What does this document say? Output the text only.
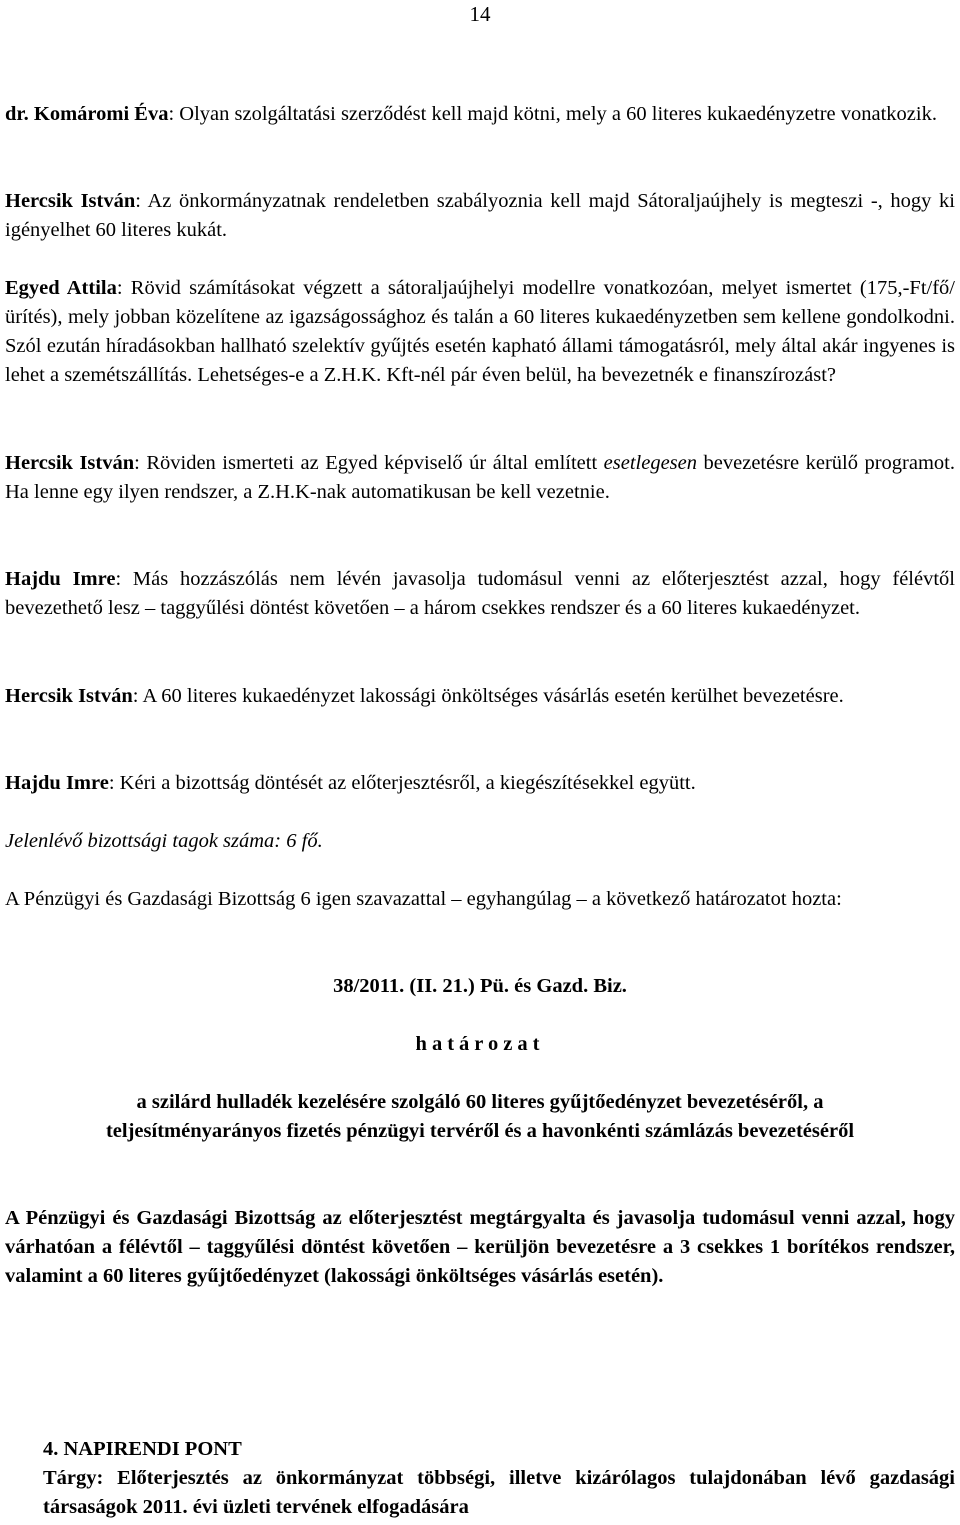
14
dr. Komáromi Éva: Olyan szolgáltatási szerződést kell majd kötni, mely a 60 literes kukaedényzetre vonatkozik.
Hercsik István: Az önkormányzatnak rendeletben szabályoznia kell majd Sátoraljaújhely is megteszi -, hogy ki igényelhet 60 literes kukát.
Egyed Attila: Rövid számításokat végzett a sátoraljaújhelyi modellre vonatkozóan, melyet ismertet (175,-Ft/fő/ürítés), mely jobban közelítene az igazságossághoz és talán a 60 literes kukaedényzetben sem kellene gondolkodni. Szól ezután híradásokban hallható szelektív gyűjtés esetén kapható állami támogatásról, mely által akár ingyenes is lehet a szemétszállítás. Lehetséges-e a Z.H.K. Kft-nél pár éven belül, ha bevezetnék e finanszírozást?
Hercsik István: Röviden ismerteti az Egyed képviselő úr által említett esetlegesen bevezetésre kerülő programot. Ha lenne egy ilyen rendszer, a Z.H.K-nak automatikusan be kell vezetnie.
Hajdu Imre: Más hozzászólás nem lévén javasolja tudomásul venni az előterjesztést azzal, hogy félévtől bevezethető lesz – taggyűlési döntést követően – a három csekkes rendszer és a 60 literes kukaedényzet.
Hercsik István: A 60 literes kukaedényzet lakossági önköltséges vásárlás esetén kerülhet bevezetésre.
Hajdu Imre: Kéri a bizottság döntését az előterjesztésről, a kiegészítésekkel együtt.
Jelenlévő bizottsági tagok száma: 6 fő.
A Pénzügyi és Gazdasági Bizottság 6 igen szavazattal – egyhangúlag – a következő határozatot hozta:
38/2011. (II. 21.) Pü. és Gazd. Biz.
határozat
a szilárd hulladék kezelésére szolgáló 60 literes gyűjtőedényzet bevezetéséről, a
teljesítményarányos fizetés pénzügyi tervéről és a havonkénti számlázás bevezetéséről
A Pénzügyi és Gazdasági Bizottság az előterjesztést megtárgyalta és javasolja tudomásul venni azzal, hogy várhatóan a félévtől – taggyűlési döntést követően – kerüljön bevezetésre a 3 csekkes 1 borítékos rendszer, valamint a 60 literes gyűjtőedényzet (lakossági önköltséges vásárlás esetén).
4. NAPIRENDI PONT
Tárgy: Előterjesztés az önkormányzat többségi, illetve kizárólagos tulajdonában lévő gazdasági társaságok 2011. évi üzleti tervének elfogadására
